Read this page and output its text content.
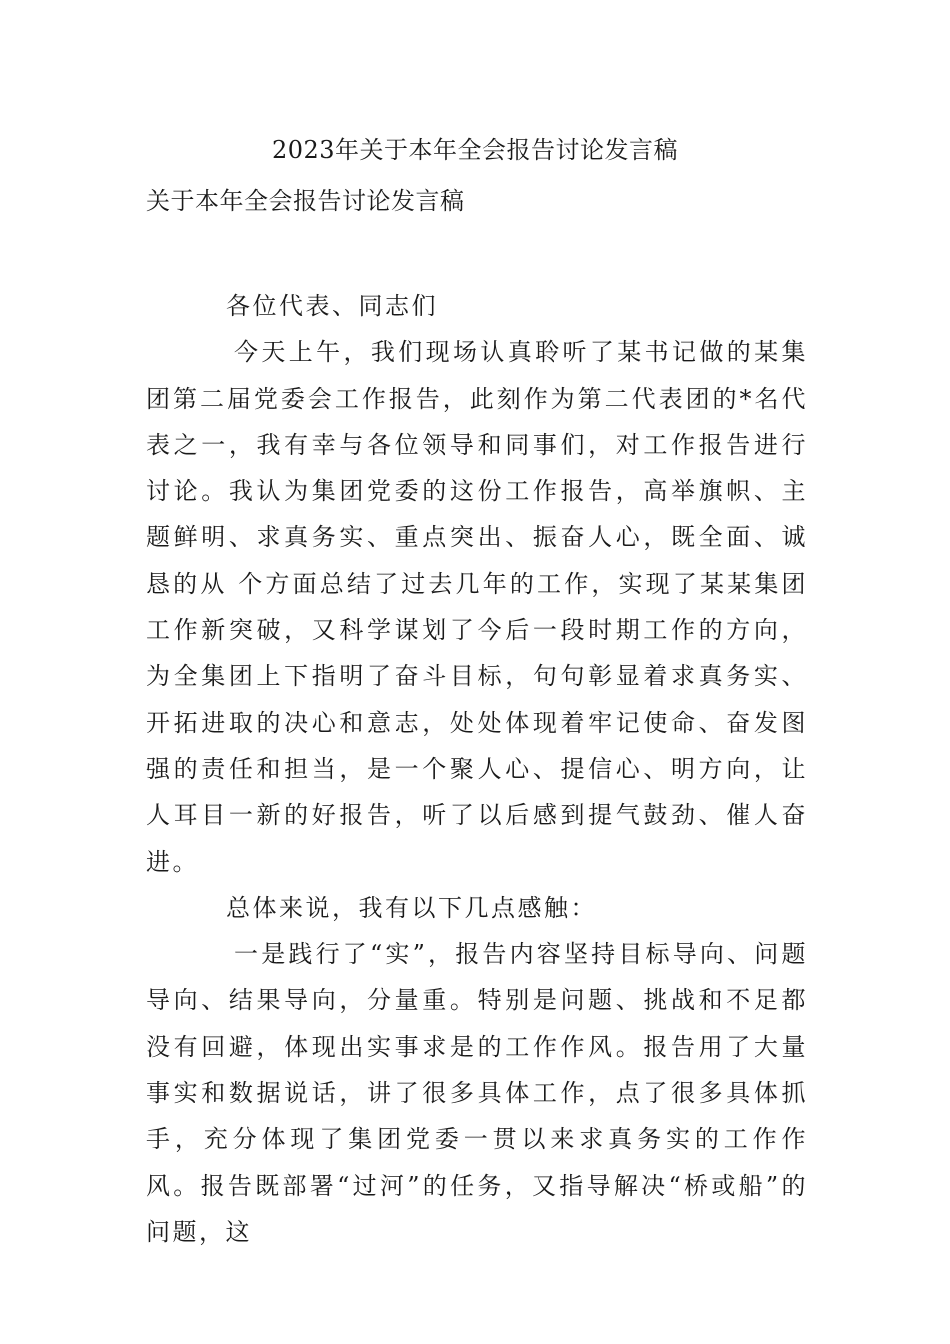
2023年关于本年全会报告讨论发言稿
关于本年全会报告讨论发言稿

各位代表、同志们

今天上午，我们现场认真聆听了某书记做的某集团第二届党委会工作报告，此刻作为第二代表团的*名代表之一，我有幸与各位领导和同事们，对工作报告进行讨论。我认为集团党委的这份工作报告，高举旗帜、主题鲜明、求真务实、重点突出、振奋人心，既全面、诚恳的从 个方面总结了过去几年的工作，实现了某某集团工作新突破，又科学谋划了今后一段时期工作的方向，为全集团上下指明了奋斗目标，句句彰显着求真务实、开拓进取的决心和意志，处处体现着牢记使命、奋发图强的责任和担当，是一个聚人心、提信心、明方向，让人耳目一新的好报告，听了以后感到提气鼓劲、催人奋进。

总体来说，我有以下几点感触：

一是践行了“实”，报告内容坚持目标导向、问题导向、结果导向，分量重。特别是问题、挑战和不足都没有回避，体现出实事求是的工作作风。报告用了大量事实和数据说话，讲了很多具体工作，点了很多具体抓手，充分体现了集团党委一贯以来求真务实的工作作风。报告既部署“过河”的任务，又指导解决“桥或船”的问题，这
